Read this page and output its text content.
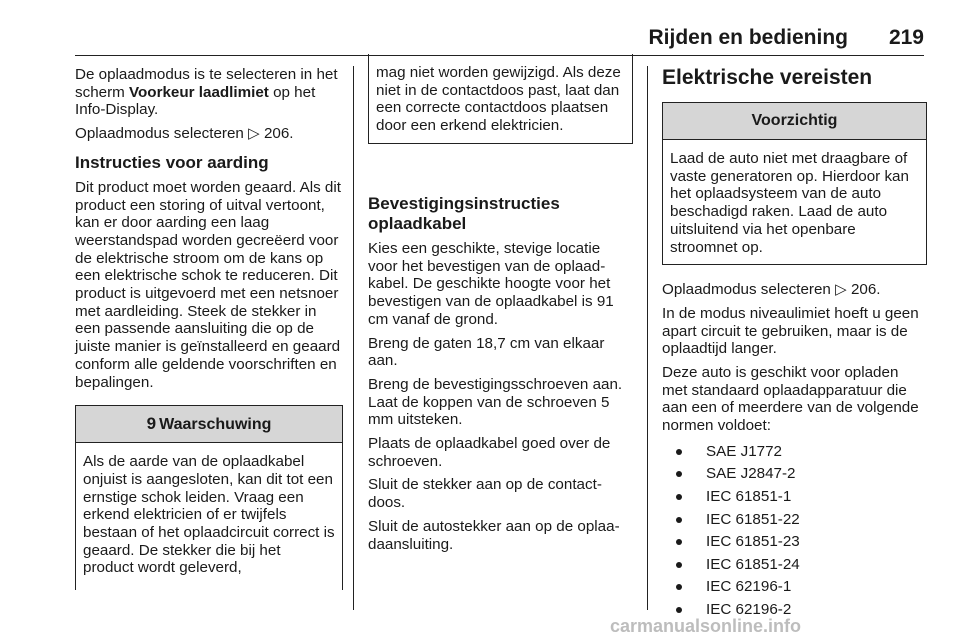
Rijden en bediening 219

De oplaadmodus is te selecteren in het scherm Voorkeur laadlimiet op het Info-Display.

Oplaadmodus selecteren ▷ 206.

Instructies voor aarding

Dit product moet worden geaard. Als dit product een storing of uitval vertoont, kan er door aarding een laag weerstandspad worden gecreëerd voor de elektrische stroom om de kans op een elektrische schok te reduceren. Dit product is uitgevoerd met een netsnoer met aardleiding. Steek de stekker in een passende aansluiting die op de juiste manier is geïnstalleerd en geaard conform alle geldende voorschriften en bepalingen.

9 Waarschuwing
Als de aarde van de oplaadkabel onjuist is aangesloten, kan dit tot een ernstige schok leiden. Vraag een erkend elektricien of er twijfels bestaan of het oplaadcircuit correct is geaard. De stekker die bij het product wordt geleverd,
mag niet worden gewijzigd. Als deze niet in de contactdoos past, laat dan een correcte contactdoos plaatsen door een erkend elektricien.
Bevestigingsinstructies oplaadkabel

Kies een geschikte, stevige locatie voor het bevestigen van de oplaadkabel. De geschikte hoogte voor het bevestigen van de oplaadkabel is 91 cm vanaf de grond.

Breng de gaten 18,7 cm van elkaar aan.

Breng de bevestigingsschroeven aan. Laat de koppen van de schroeven 5 mm uitsteken.

Plaats de oplaadkabel goed over de schroeven.

Sluit de stekker aan op de contactdoos.

Sluit de autostekker aan op de oplaadaansluiting.

Elektrische vereisten
Voorzichtig
Laad de auto niet met draagbare of vaste generatoren op. Hierdoor kan het oplaadsysteem van de auto beschadigd raken. Laad de auto uitsluitend via het openbare stroomnet op.

Oplaadmodus selecteren ▷ 206.

In de modus niveaulimiet hoeft u geen apart circuit te gebruiken, maar is de oplaadtijd langer.

Deze auto is geschikt voor opladen met standaard oplaadapparatuur die aan een of meerdere van de volgende normen voldoet:

SAE J1772
SAE J2847-2
IEC 61851-1
IEC 61851-22
IEC 61851-23
IEC 61851-24
IEC 62196-1
IEC 62196-2
carmanualsonline.info
